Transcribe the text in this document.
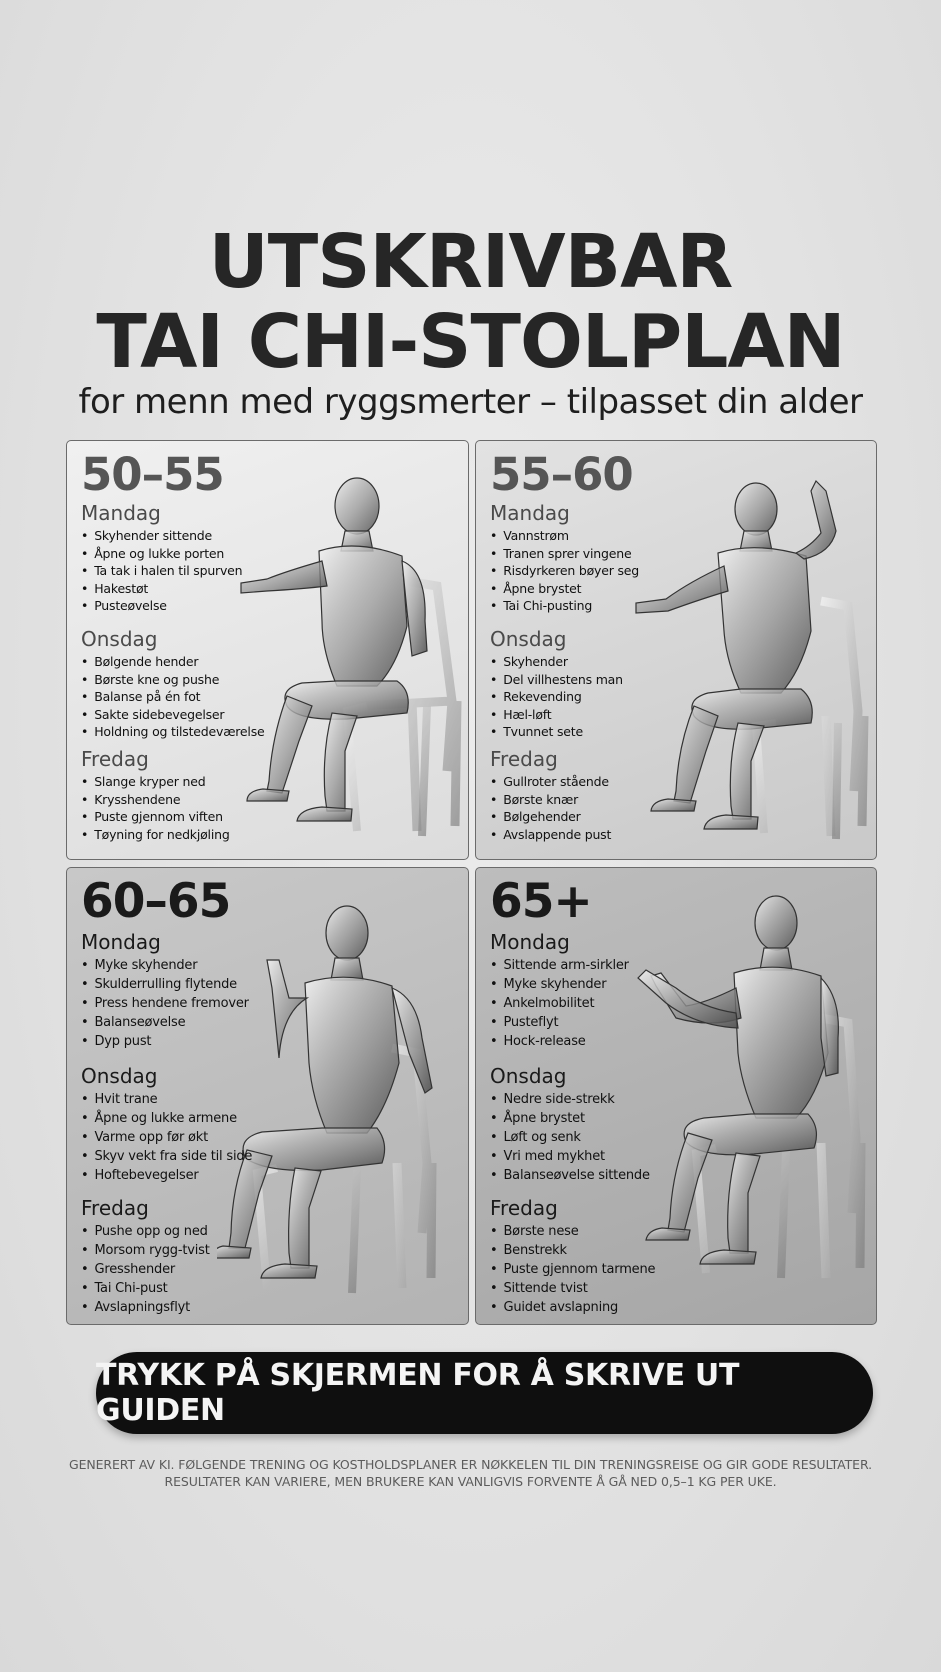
UTSKRIVBAR
TAI CHI-STOLPLAN
for menn med ryggsmerter – tilpasset din alder
50–55
Mandag
• Skyhender sittende
• Åpne og lukke porten
• Ta tak i halen til spurven
• Hakestøt
• Pusteøvelse
Onsdag
• Bølgende hender
• Børste kne og pushe
• Balanse på én fot
• Sakte sidebevegelser
• Holdning og tilstedeværelse
Fredag
• Slange kryper ned
• Krysshendene
• Puste gjennom viften
• Tøyning for nedkjøling
55–60
Mandag
• Vannstrøm
• Tranen sprer vingene
• Risdyrkeren bøyer seg
• Åpne brystet
• Tai Chi-pusting
Onsdag
• Skyhender
• Del villhestens man
• Rekevending
• Hæl-løft
• Tvunnet sete
Fredag
• Gullroter stående
• Børste knær
• Bølgehender
• Avslappende pust
60–65
Mondag
• Myke skyhender
• Skulderrulling flytende
• Press hendene fremover
• Balanseøvelse
• Dyp pust
Onsdag
• Hvit trane
• Åpne og lukke armene
• Varme opp før økt
• Skyv vekt fra side til side
• Hoftebevegelser
Fredag
• Pushe opp og ned
• Morsom rygg-tvist
• Gresshender
• Tai Chi-pust
• Avslapningsflyt
65+
Mondag
• Sittende arm-sirkler
• Myke skyhender
• Ankelmobilitet
• Pusteflyt
• Hock-release
Onsdag
• Nedre side-strekk
• Åpne brystet
• Løft og senk
• Vri med mykhet
• Balanseøvelse sittende
Fredag
• Børste nese
• Benstrekk
• Puste gjennom tarmene
• Sittende tvist
• Guidet avslapning
TRYKK PÅ SKJERMEN FOR Å SKRIVE UT GUIDEN
GENERERT AV KI. FØLGENDE TRENING OG KOSTHOLDSPLANER ER NØKKELEN TIL DIN TRENINGSREISE OG GIR GODE RESULTATER.
RESULTATER KAN VARIERE, MEN BRUKERE KAN VANLIGVIS FORVENTE Å GÅ NED 0,5–1 KG PER UKE.
